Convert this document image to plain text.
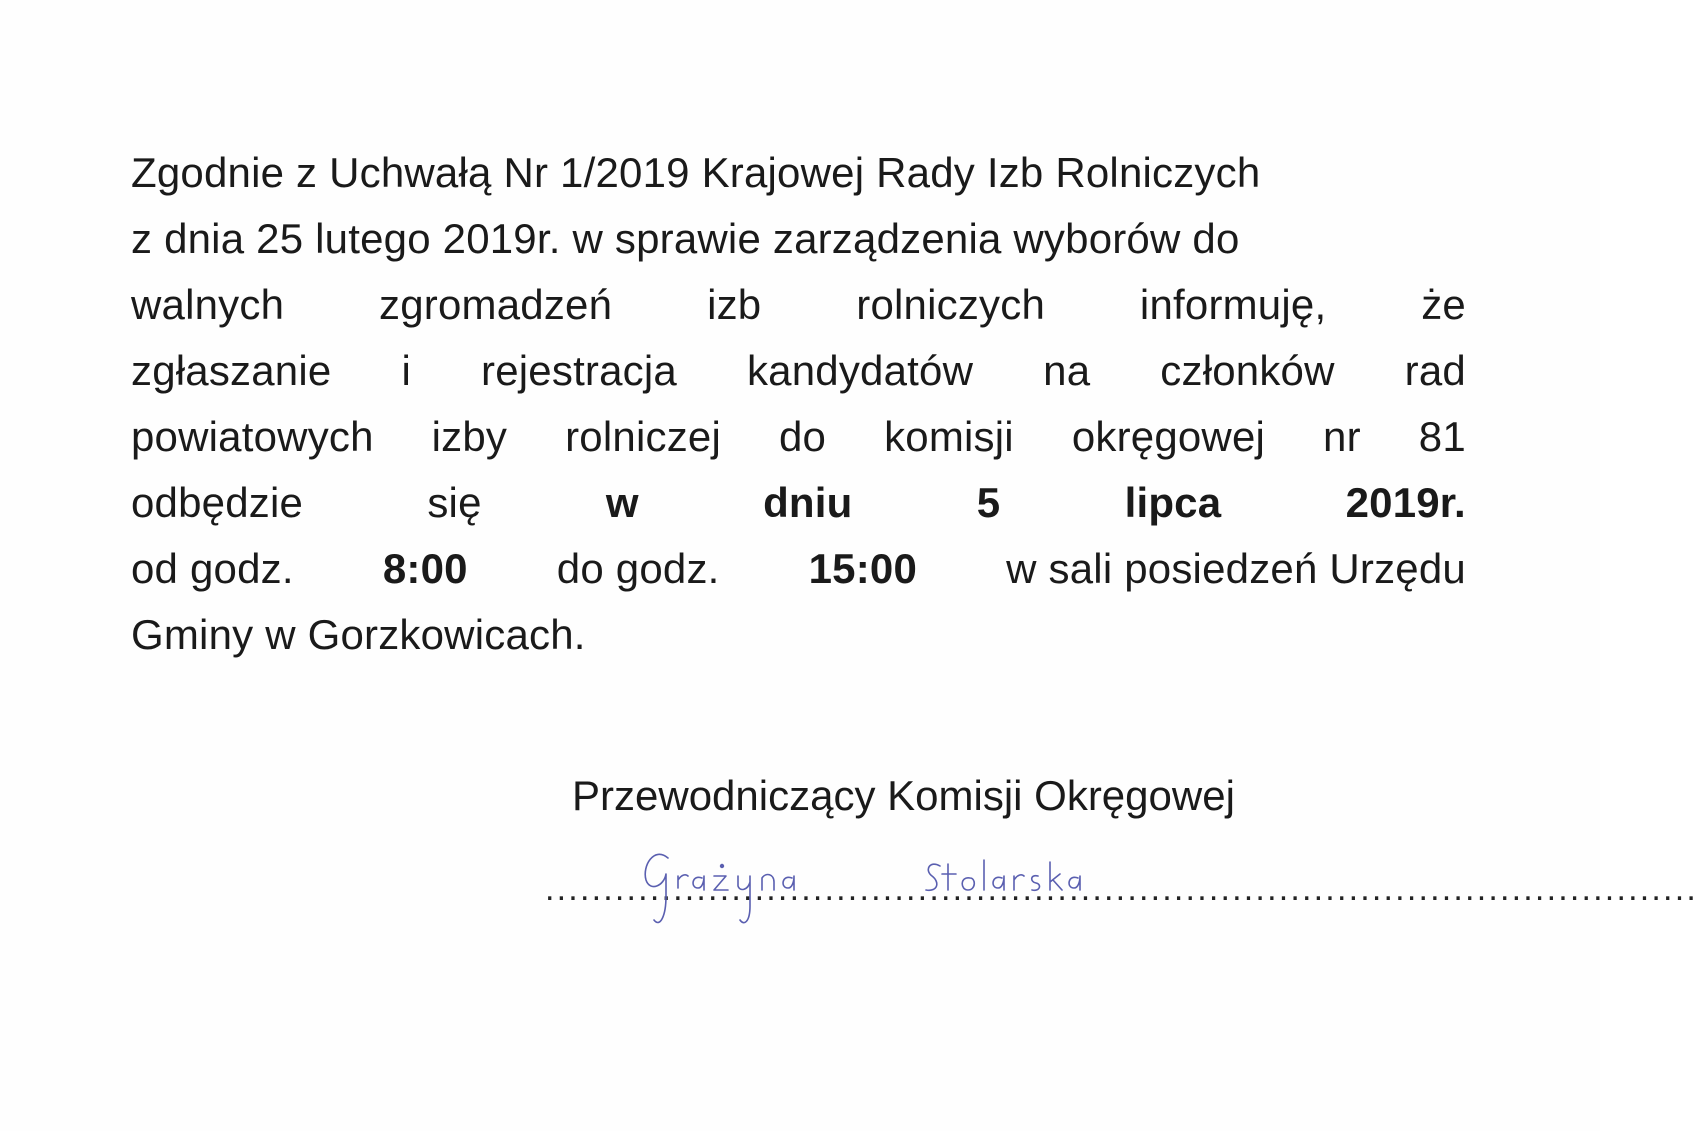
Zgodnie z Uchwałą Nr 1/2019 Krajowej Rady Izb Rolniczych
z dnia 25 lutego 2019r. w sprawie zarządzenia wyborów do
walnych zgromadzeń izb rolniczych informuję, że
zgłaszanie i rejestracja kandydatów na członków rad
powiatowych izby rolniczej do komisji okręgowej nr 81
odbędzie	się	w	dniu	5	lipca	2019r.
od godz. 8:00 do godz. 15:00 w sali posiedzeń Urzędu
Gminy w Gorzkowicach.
Przewodniczący Komisji Okręgowej
...................................................................................................
